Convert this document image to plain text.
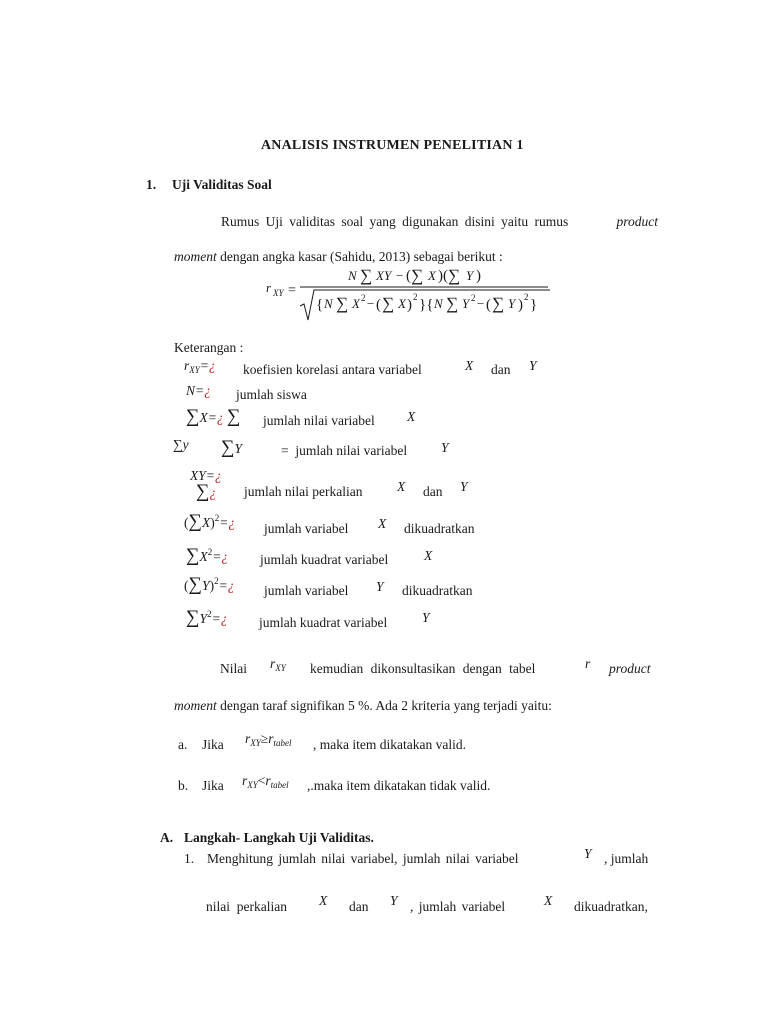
ANALISIS INSTRUMEN PENELITIAN 1
1. Uji Validitas Soal
Rumus Uji validitas soal yang digunakan disini yaitu rumus	product
moment dengan angka kasar (Sahidu, 2013) sebagai berikut :
r XY =
N ∑ XY − ( ∑ X )( ∑ Y )
{ N ∑ X 2 − ( ∑ X ) 2 }{ N ∑ Y 2 − ( ∑ Y ) 2 }
Keterangan :
$r_{XY}=¿$ koefisien korelasi antara variabel	X dan Y
N=¿ jumlah siswa
∑X=¿ ∑ jumlah nilai variabel X
∑y ∑Y	=  jumlah nilai variabel	Y
XY=¿
∑¿ jumlah nilai perkalian	X dan Y
$(\sum X)^2=¿$ jumlah variabel X dikuadratkan
$\sum X^2=¿$ jumlah kuadrat variabel	X
$(\sum Y)^2=¿$ jumlah variabel Y dikuadratkan
$\sum Y^2=¿$ jumlah kuadrat variabel	Y
Nilai $r_{XY}$ kemudian dikonsultasikan dengan tabel	r product
moment dengan taraf signifikan 5 %. Ada 2 kriteria yang terjadi yaitu:
a. Jika $r_{XY}\ge r_{tabel}$ , maka item dikatakan valid.
b. Jika $r_{XY}<r_{tabel}$ ,.maka item dikatakan tidak valid.
A. Langkah- Langkah Uji Validitas.
1. Menghitung jumlah nilai variabel, jumlah nilai variabel	Y , jumlah
nilai  perkalian X dan Y , jumlah variabel	X dikuadratkan,
